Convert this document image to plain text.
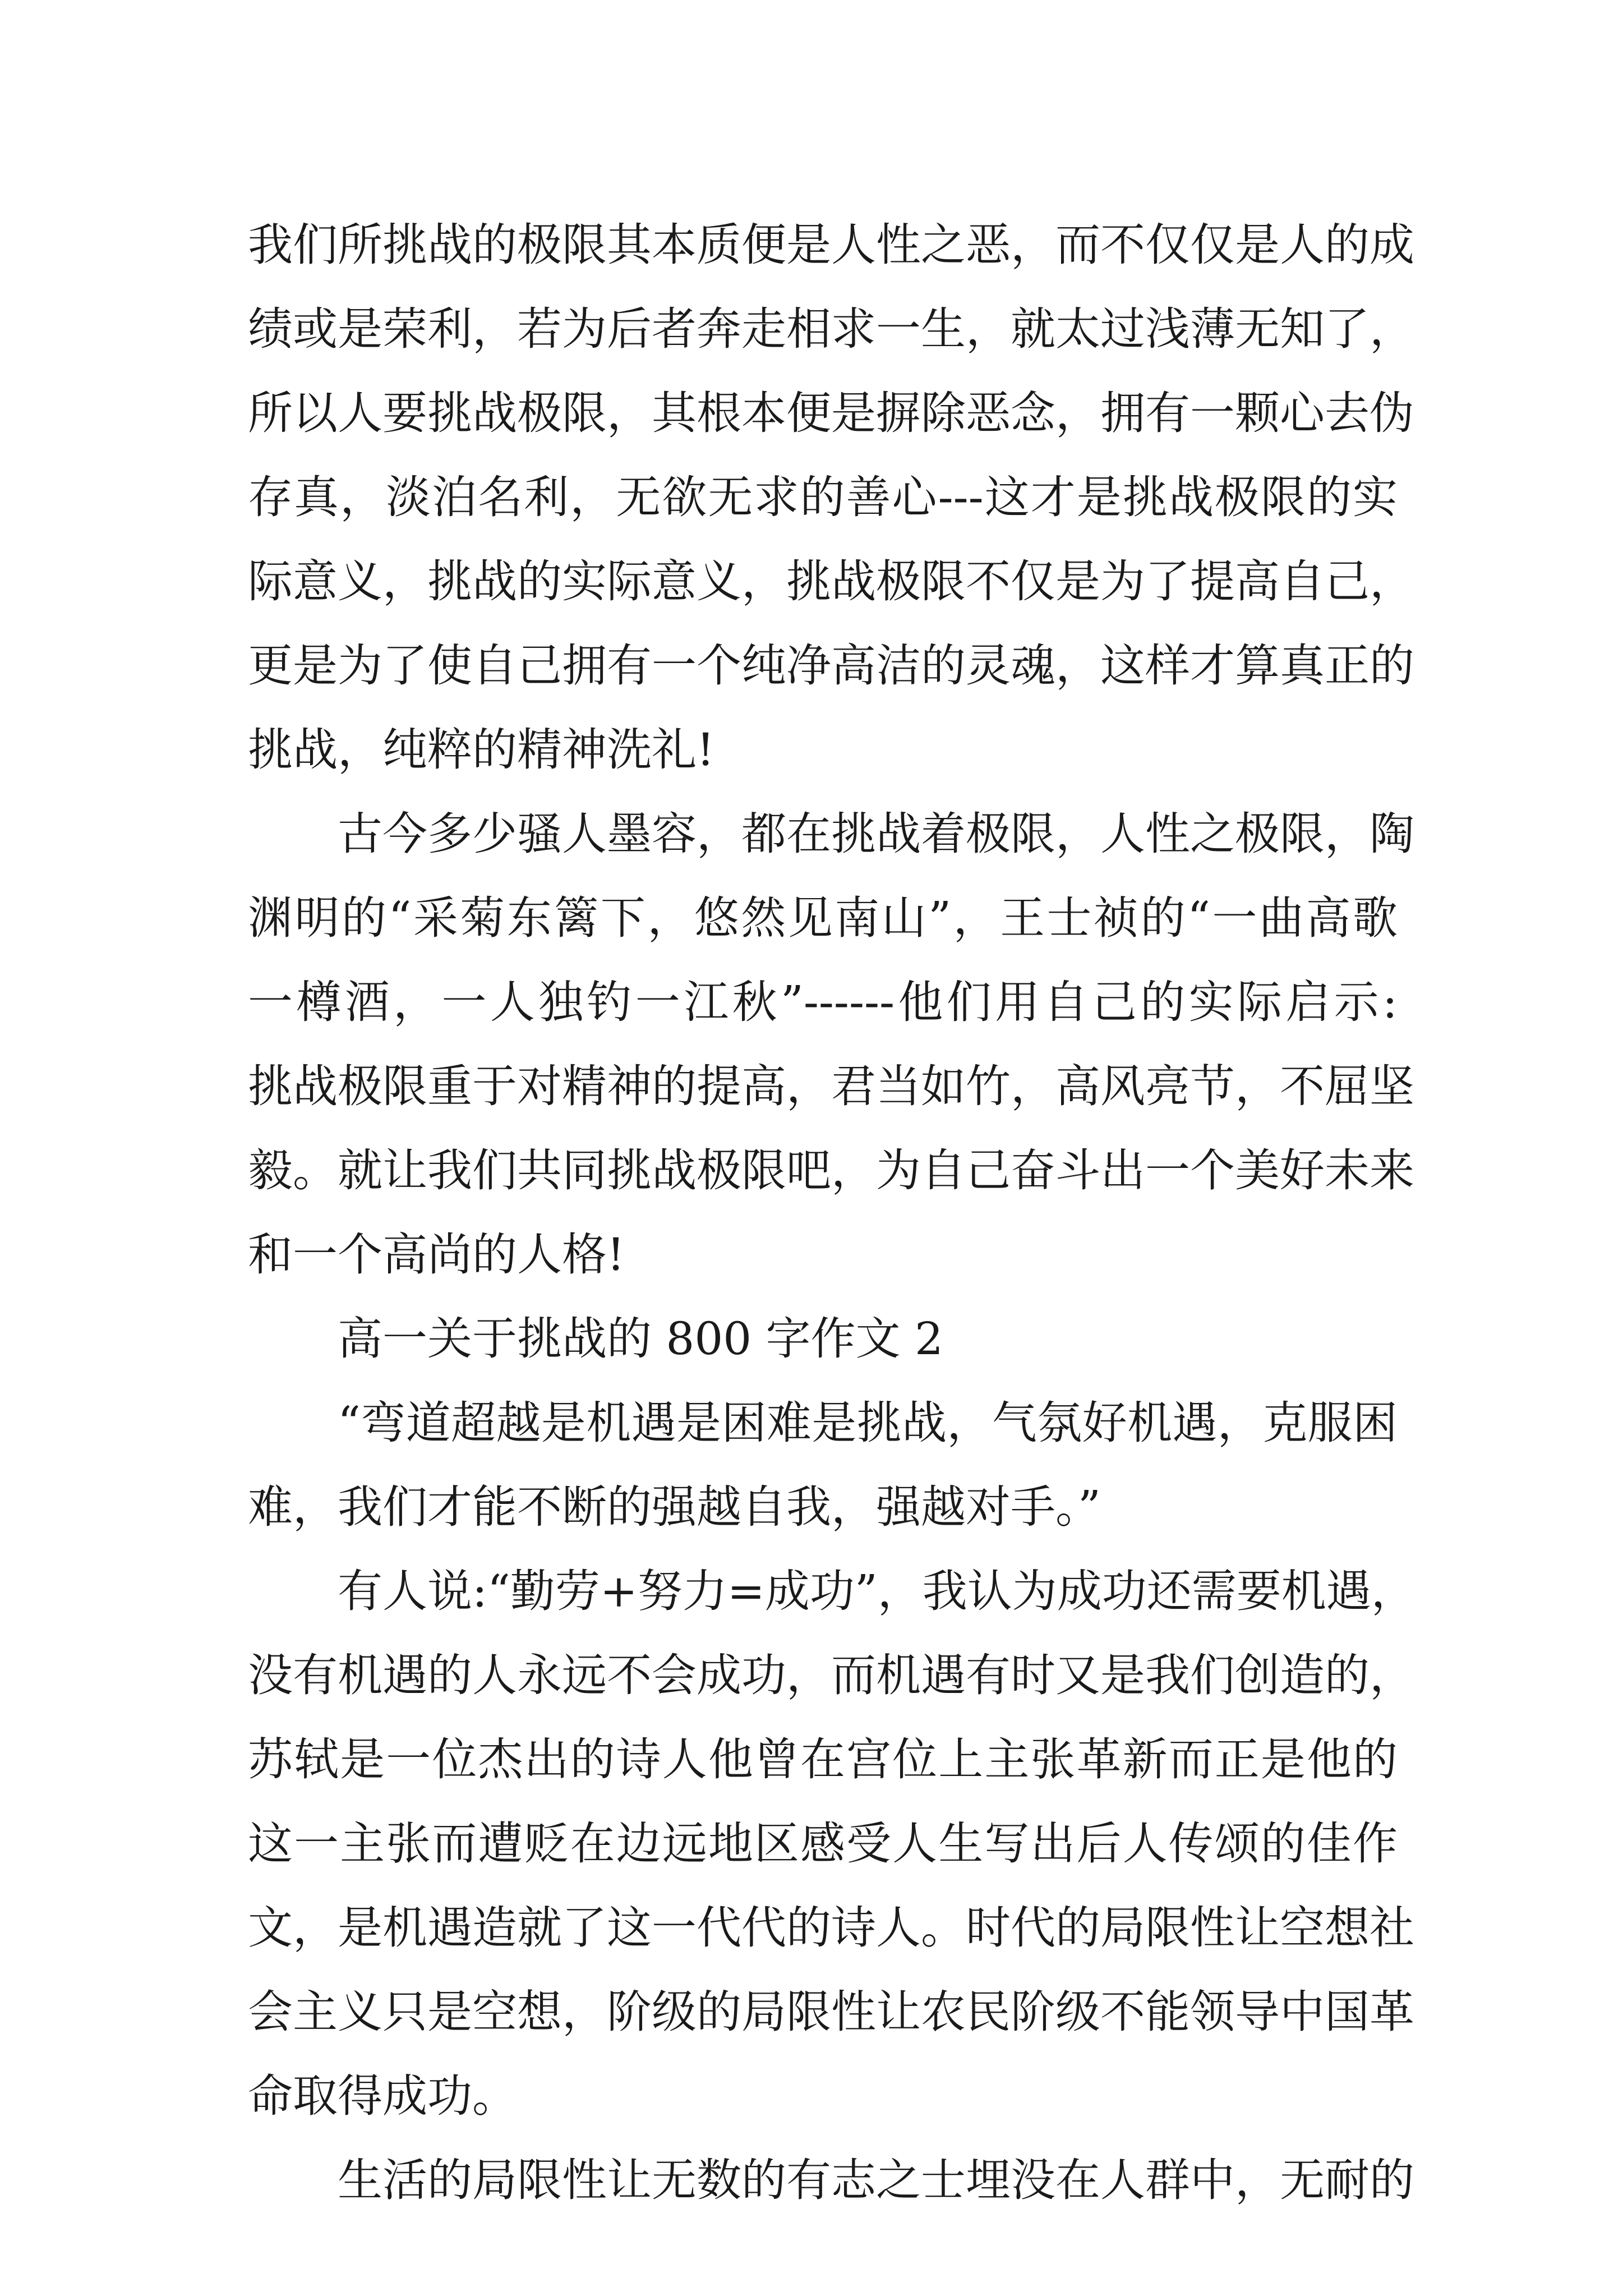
我们所挑战的极限其本质便是人性之恶，而不仅仅是人的成
绩或是荣利，若为后者奔走相求一生，就太过浅薄无知了，
所以人要挑战极限，其根本便是摒除恶念，拥有一颗心去伪
存真，淡泊名利，无欲无求的善心---这才是挑战极限的实
际意义，挑战的实际意义，挑战极限不仅是为了提高自己，
更是为了使自己拥有一个纯净高洁的灵魂，这样才算真正的
挑战，纯粹的精神洗礼!
古今多少骚人墨容，都在挑战着极限，人性之极限，陶
渊明的“采菊东篱下，悠然见南山”，王士祯的“一曲高歌
一樽酒，一人独钓一江秋”------他们用自己的实际启示:
挑战极限重于对精神的提高，君当如竹，高风亮节，不屈坚
毅。就让我们共同挑战极限吧，为自己奋斗出一个美好未来
和一个高尚的人格!
高一关于挑战的 800 字作文 2
“弯道超越是机遇是困难是挑战，气氛好机遇，克服困
难，我们才能不断的强越自我，强越对手。”
有人说:“勤劳+努力=成功”，我认为成功还需要机遇，
没有机遇的人永远不会成功，而机遇有时又是我们创造的，
苏轼是一位杰出的诗人他曾在宫位上主张革新而正是他的
这一主张而遭贬在边远地区感受人生写出后人传颂的佳作
文，是机遇造就了这一代代的诗人。时代的局限性让空想社
会主义只是空想，阶级的局限性让农民阶级不能领导中国革
命取得成功。
生活的局限性让无数的有志之士埋没在人群中，无耐的
